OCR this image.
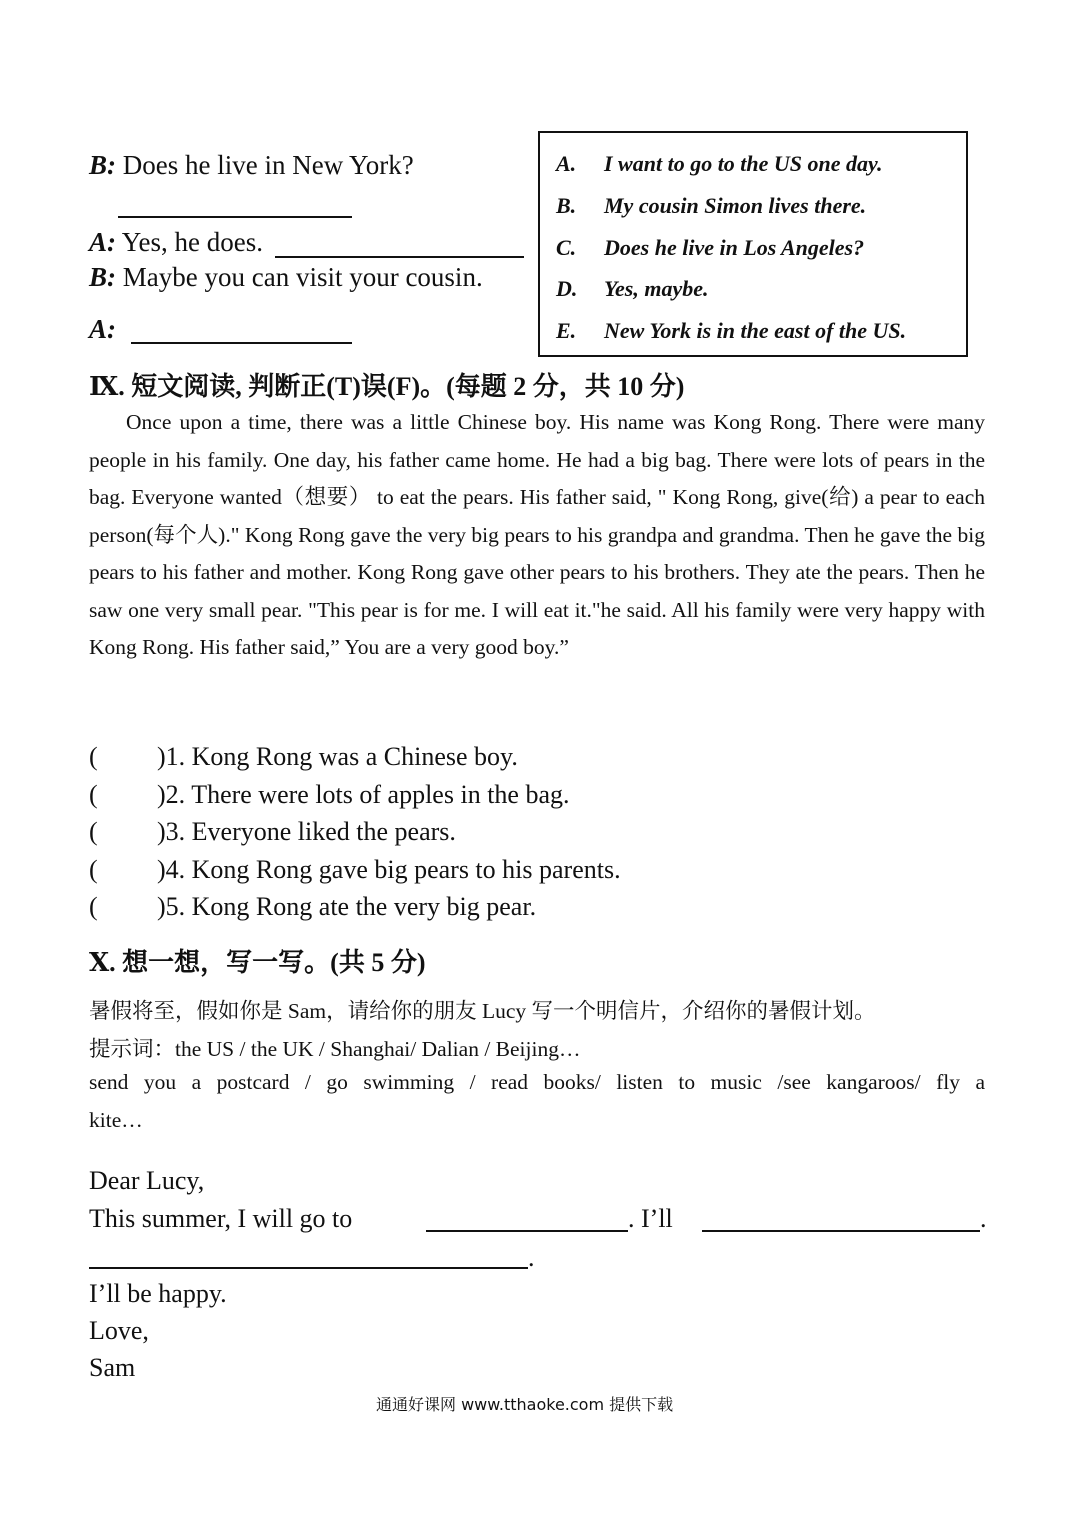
B: Does he live in New York?
A: Yes, he does.
B: Maybe you can visit your cousin.
A:
A. I want to go to the US one day.
B. My cousin Simon lives there.
C. Does he live in Los Angeles?
D. Yes, maybe.
E. New York is in the east of the US.
Ⅸ. 短文阅读, 判断正(T)误(F)。(每题 2 分，共 10 分)
Once upon a time, there was a little Chinese boy. His name was Kong Rong. There were many people in his family. One day, his father came home. He had a big bag. There were lots of pears in the bag. Everyone wanted（想要） to eat the pears. His father said, " Kong Rong, give(给) a pear to each person(每个人)." Kong Rong gave the very big pears to his grandpa and grandma. Then he gave the big pears to his father and mother. Kong Rong gave other pears to his brothers. They ate the pears. Then he saw one very small pear. "This pear is for me. I will eat it."he said. All his family were very happy with Kong Rong. His father said,” You are a very good boy.”
( )1. Kong Rong was a Chinese boy.
( )2. There were lots of apples in the bag.
( )3. Everyone liked the pears.
( )4. Kong Rong gave big pears to his parents.
( )5. Kong Rong ate the very big pear.
Ⅹ. 想一想，写一写。(共 5 分)
暑假将至，假如你是 Sam，请给你的朋友 Lucy 写一个明信片，介绍你的暑假计划。
提示词：the US / the UK / Shanghai/ Dalian / Beijing…
send you a postcard / go swimming / read books/ listen to music /see kangaroos/ fly a
kite…
Dear Lucy,
This summer, I will go to	. I’ll	.
.
I’ll be happy.
Love,
Sam
通通好课网 www.tthaoke.com 提供下载
